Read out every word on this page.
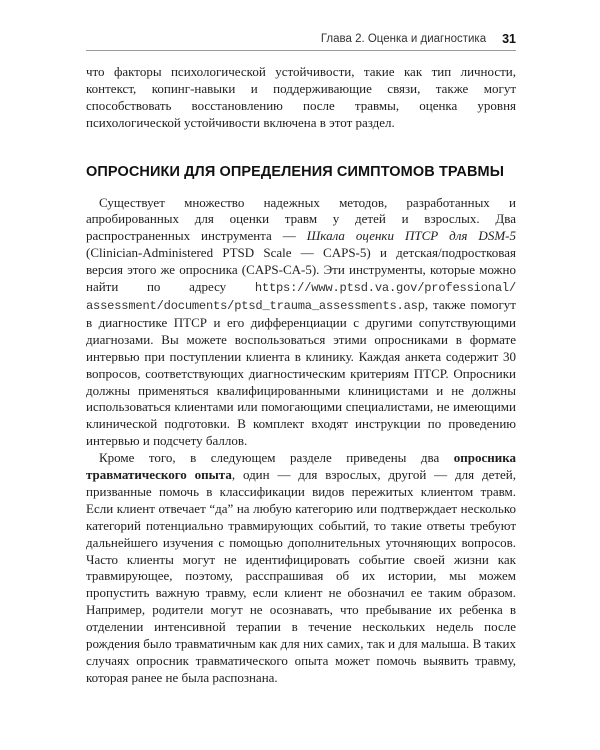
Глава 2. Оценка и диагностика 31

что факторы психологической устойчивости, такие как тип личности, контекст, копинг-навыки и поддерживающие связи, также могут способствовать восстановлению после травмы, оценка уровня психологической устойчивости включена в этот раздел.

ОПРОСНИКИ ДЛЯ ОПРЕДЕЛЕНИЯ СИМПТОМОВ ТРАВМЫ

Существует множество надежных методов, разработанных и апробированных для оценки травм у детей и взрослых. Два распространенных инструмента — Шкала оценки ПТСР для DSM-5 (Clinician-Administered PTSD Scale — CAPS-5) и детская/подростковая версия этого же опросника (CAPS-CA-5). Эти инструменты, которые можно найти по адресу https://www.ptsd.va.gov/professional/assessment/documents/ptsd_trauma_assessments.asp, также помогут в диагностике ПТСР и его дифференциации с другими сопутствующими диагнозами. Вы можете воспользоваться этими опросниками в формате интервью при поступлении клиента в клинику. Каждая анкета содержит 30 вопросов, соответствующих диагностическим критериям ПТСР. Опросники должны применяться квалифицированными клиницистами и не должны использоваться клиентами или помогающими специалистами, не имеющими клинической подготовки. В комплект входят инструкции по проведению интервью и подсчету баллов.

Кроме того, в следующем разделе приведены два опросника травматического опыта, один — для взрослых, другой — для детей, призванные помочь в классификации видов пережитых клиентом травм. Если клиент отвечает “да” на любую категорию или подтверждает несколько категорий потенциально травмирующих событий, то такие ответы требуют дальнейшего изучения с помощью дополнительных уточняющих вопросов. Часто клиенты могут не идентифицировать событие своей жизни как травмирующее, поэтому, расспрашивая об их истории, мы можем пропустить важную травму, если клиент не обозначил ее таким образом. Например, родители могут не осознавать, что пребывание их ребенка в отделении интенсивной терапии в течение нескольких недель после рождения было травматичным как для них самих, так и для малыша. В таких случаях опросник травматического опыта может помочь выявить травму, которая ранее не была распознана.
